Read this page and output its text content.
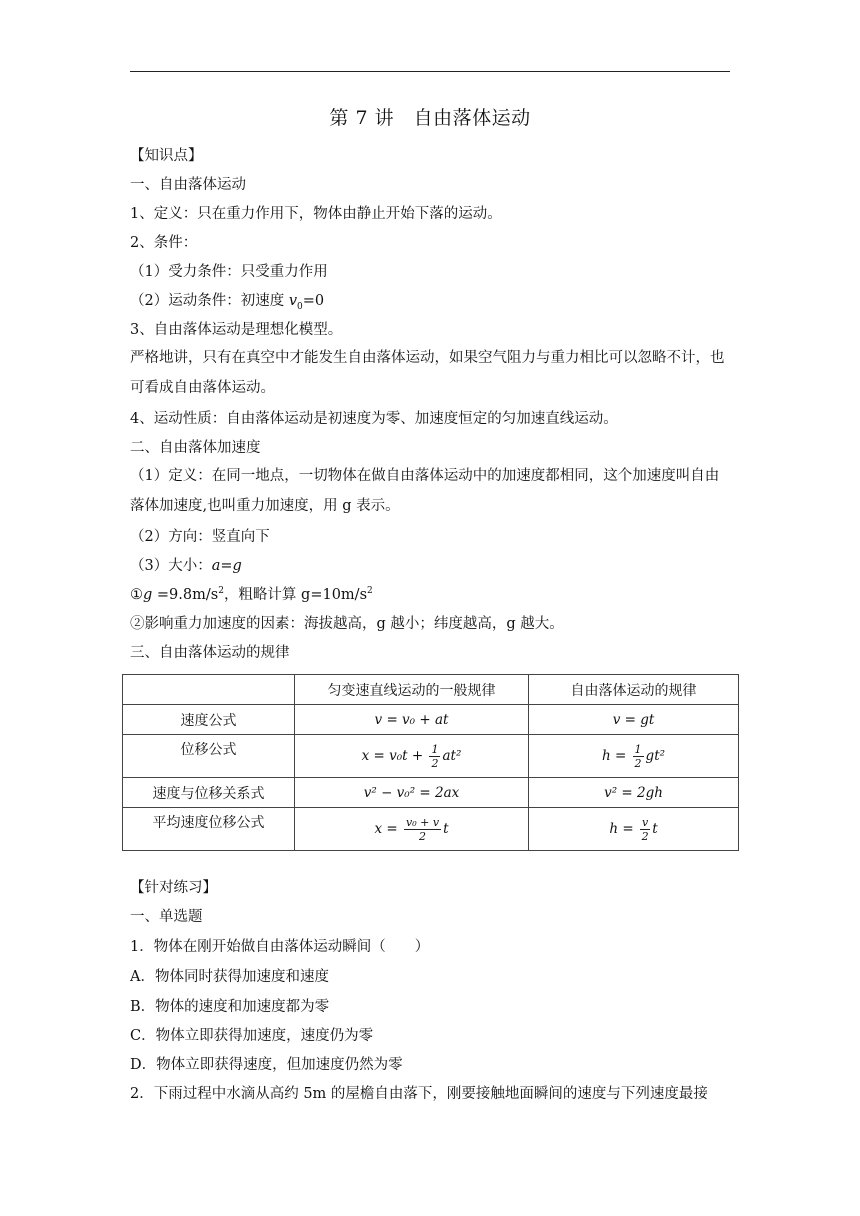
第 7 讲　自由落体运动
【知识点】
一、自由落体运动
1、定义：只在重力作用下，物体由静止开始下落的运动。
2、条件：
（1）受力条件：只受重力作用
（2）运动条件：初速度 $v_0=0$
3、自由落体运动是理想化模型。
严格地讲，只有在真空中才能发生自由落体运动，如果空气阻力与重力相比可以忽略不计，也可看成自由落体运动。
4、运动性质：自由落体运动是初速度为零、加速度恒定的匀加速直线运动。
二、自由落体加速度
（1）定义：在同一地点，一切物体在做自由落体运动中的加速度都相同，这个加速度叫自由落体加速度,也叫重力加速度，用 g 表示。
（2）方向：竖直向下
（3）大小：a=g
①g $=9.8m/s^2$，粗略计算 $g=10m/s^2$
②影响重力加速度的因素：海拔越高，g 越小；纬度越高，g 越大。
三、自由落体运动的规律
	匀变速直线运动的一般规律	自由落体运动的规律
速度公式	v = v₀ + at	v = gt
位移公式	$x = v_0t + \frac{1}{2} at^2$	$h = \frac{1}{2} gt^2$
速度与位移关系式	v² − v₀² = 2ax	v² = 2gh
平均速度位移公式	$x = \frac{\text{v₀ + v}}{2}$ t	$h = \frac{v}{2}$ t
【针对练习】
一、单选题
1．物体在刚开始做自由落体运动瞬间（　　）
A．物体同时获得加速度和速度
B．物体的速度和加速度都为零
C．物体立即获得加速度，速度仍为零
D．物体立即获得速度，但加速度仍然为零
2．下雨过程中水滴从高约 5m 的屋檐自由落下，刚要接触地面瞬间的速度与下列速度最接
